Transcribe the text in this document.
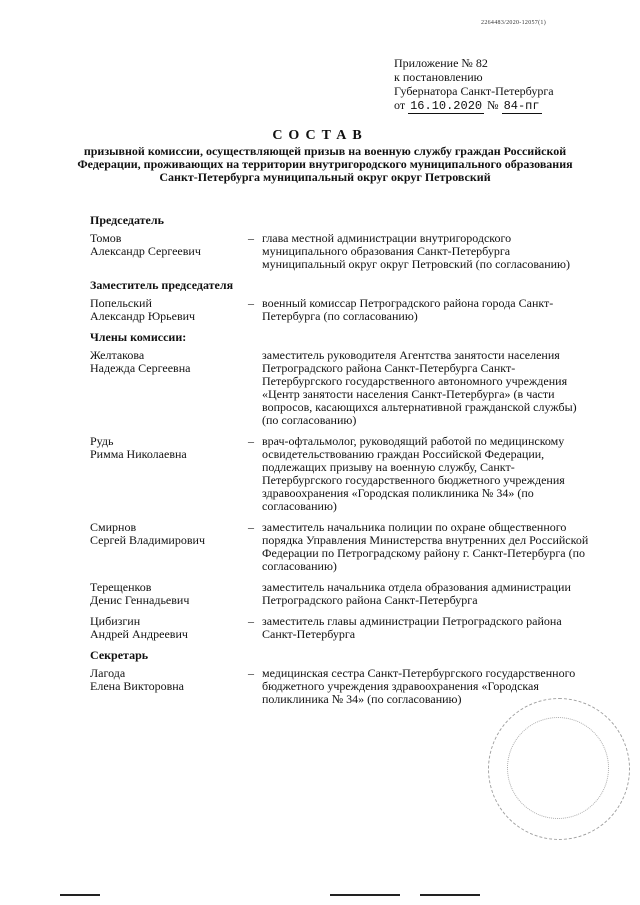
2264483/2020-12057(1)
Приложение № 82
к постановлению
Губернатора Санкт-Петербурга
от 16.10.2020 № 84-пг
СОСТАВ
призывной комиссии, осуществляющей призыв на военную службу граждан Российской Федерации, проживающих на территории внутригородского муниципального образования Санкт-Петербурга муниципальный округ округ Петровский
Председатель
Томов
Александр Сергеевич
– глава местной администрации внутригородского муниципального образования Санкт-Петербурга муниципальный округ округ Петровский (по согласованию)
Заместитель председателя
Попельский
Александр Юрьевич
– военный комиссар Петроградского района города Санкт-Петербурга (по согласованию)
Члены комиссии:
Желтакова
Надежда Сергеевна
заместитель руководителя Агентства занятости населения Петроградского района Санкт-Петербурга Санкт-Петербургского государственного автономного учреждения «Центр занятости населения Санкт-Петербурга» (в части вопросов, касающихся альтернативной гражданской службы) (по согласованию)
Рудь
Римма Николаевна
– врач-офтальмолог, руководящий работой по медицинскому освидетельствованию граждан Российской Федерации, подлежащих призыву на военную службу, Санкт-Петербургского государственного бюджетного учреждения здравоохранения «Городская поликлиника № 34» (по согласованию)
Смирнов
Сергей Владимирович
– заместитель начальника полиции по охране общественного порядка Управления Министерства внутренних дел Российской Федерации по Петроградскому району г. Санкт-Петербурга (по согласованию)
Терещенков
Денис Геннадьевич
заместитель начальника отдела образования администрации Петроградского района Санкт-Петербурга
Цибизгин
Андрей Андреевич
– заместитель главы администрации Петроградского района Санкт-Петербурга
Секретарь
Лагода
Елена Викторовна
– медицинская сестра Санкт-Петербургского государственного бюджетного учреждения здравоохранения «Городская поликлиника № 34» (по согласованию)
